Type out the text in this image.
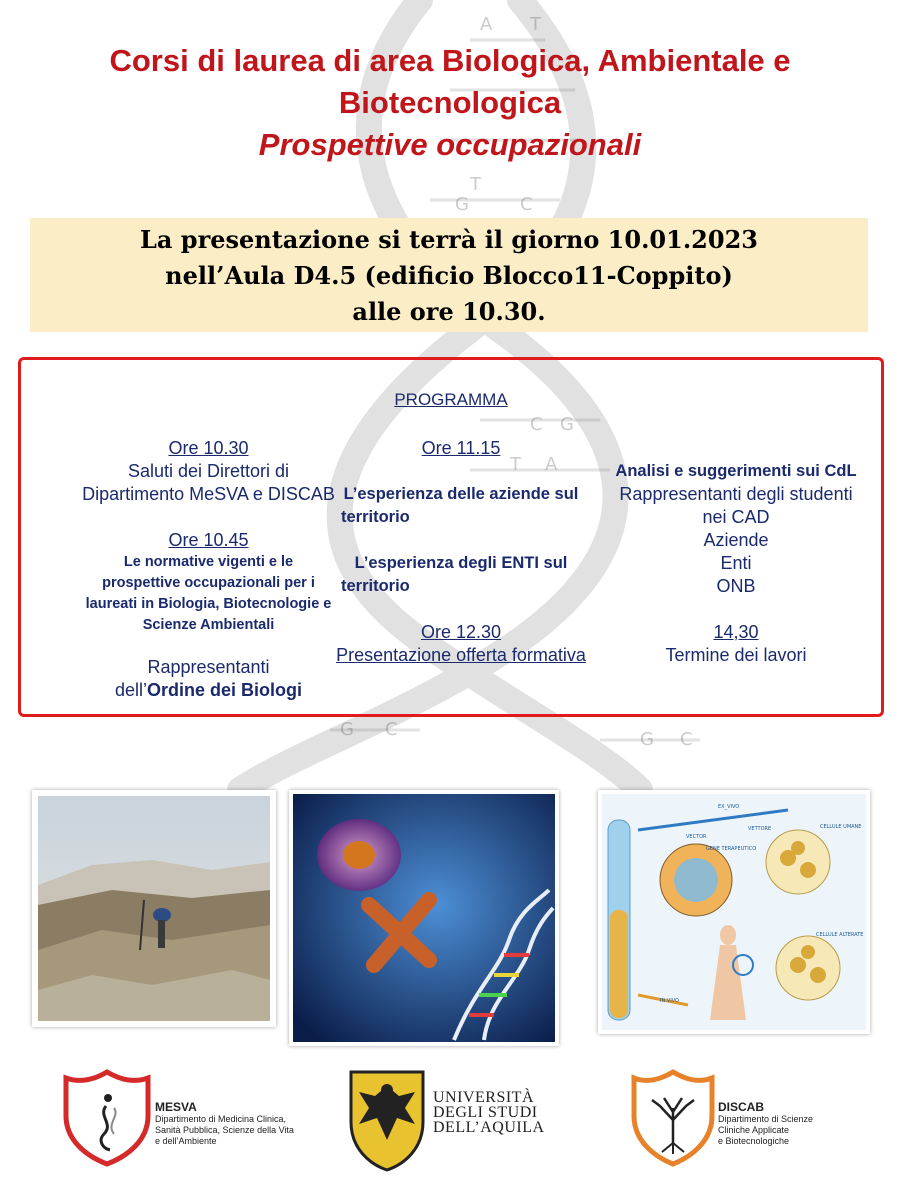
A T
T
G	C
C G
T A
G C	G C
Corsi di laurea di area Biologica, Ambientale e
Biotecnologica
Prospettive occupazionali
La presentazione si terrà il giorno 10.01.2023
nell’Aula D4.5 (edificio Blocco11-Coppito)
alle ore 10.30.
PROGRAMMA
Ore 10.30
Saluti dei Direttori di
Dipartimento MeSVA e DISCAB
Ore 10.45
Le normative vigenti e le
prospettive occupazionali per i
laureati in Biologia, Biotecnologie e
Scienze Ambientali
Rappresentanti
dell’Ordine dei Biologi
Ore 11.15
L’esperienza delle aziende sul
territorio
L’esperienza degli ENTI sul
territorio
Ore 12.30
Presentazione offerta formativa
Analisi e suggerimenti sui CdL
Rappresentanti degli studenti
nei CAD
Aziende
Enti
ONB
14,30
Termine dei lavori
EX_VIVO
VETTORE	CELLULE UMANE
VECTOR
GENE TERAPEUTICO
IN VIVO
CELLULE ALTERATE
MESVA
Dipartimento di Medicina Clinica,
Sanità Pubblica, Scienze della Vita
e dell’Ambiente
UNIVERSITÀ
DEGLI STUDI
DELL’AQUILA
DISCAB
Dipartimento di Scienze
Cliniche Applicate
e Biotecnologiche
